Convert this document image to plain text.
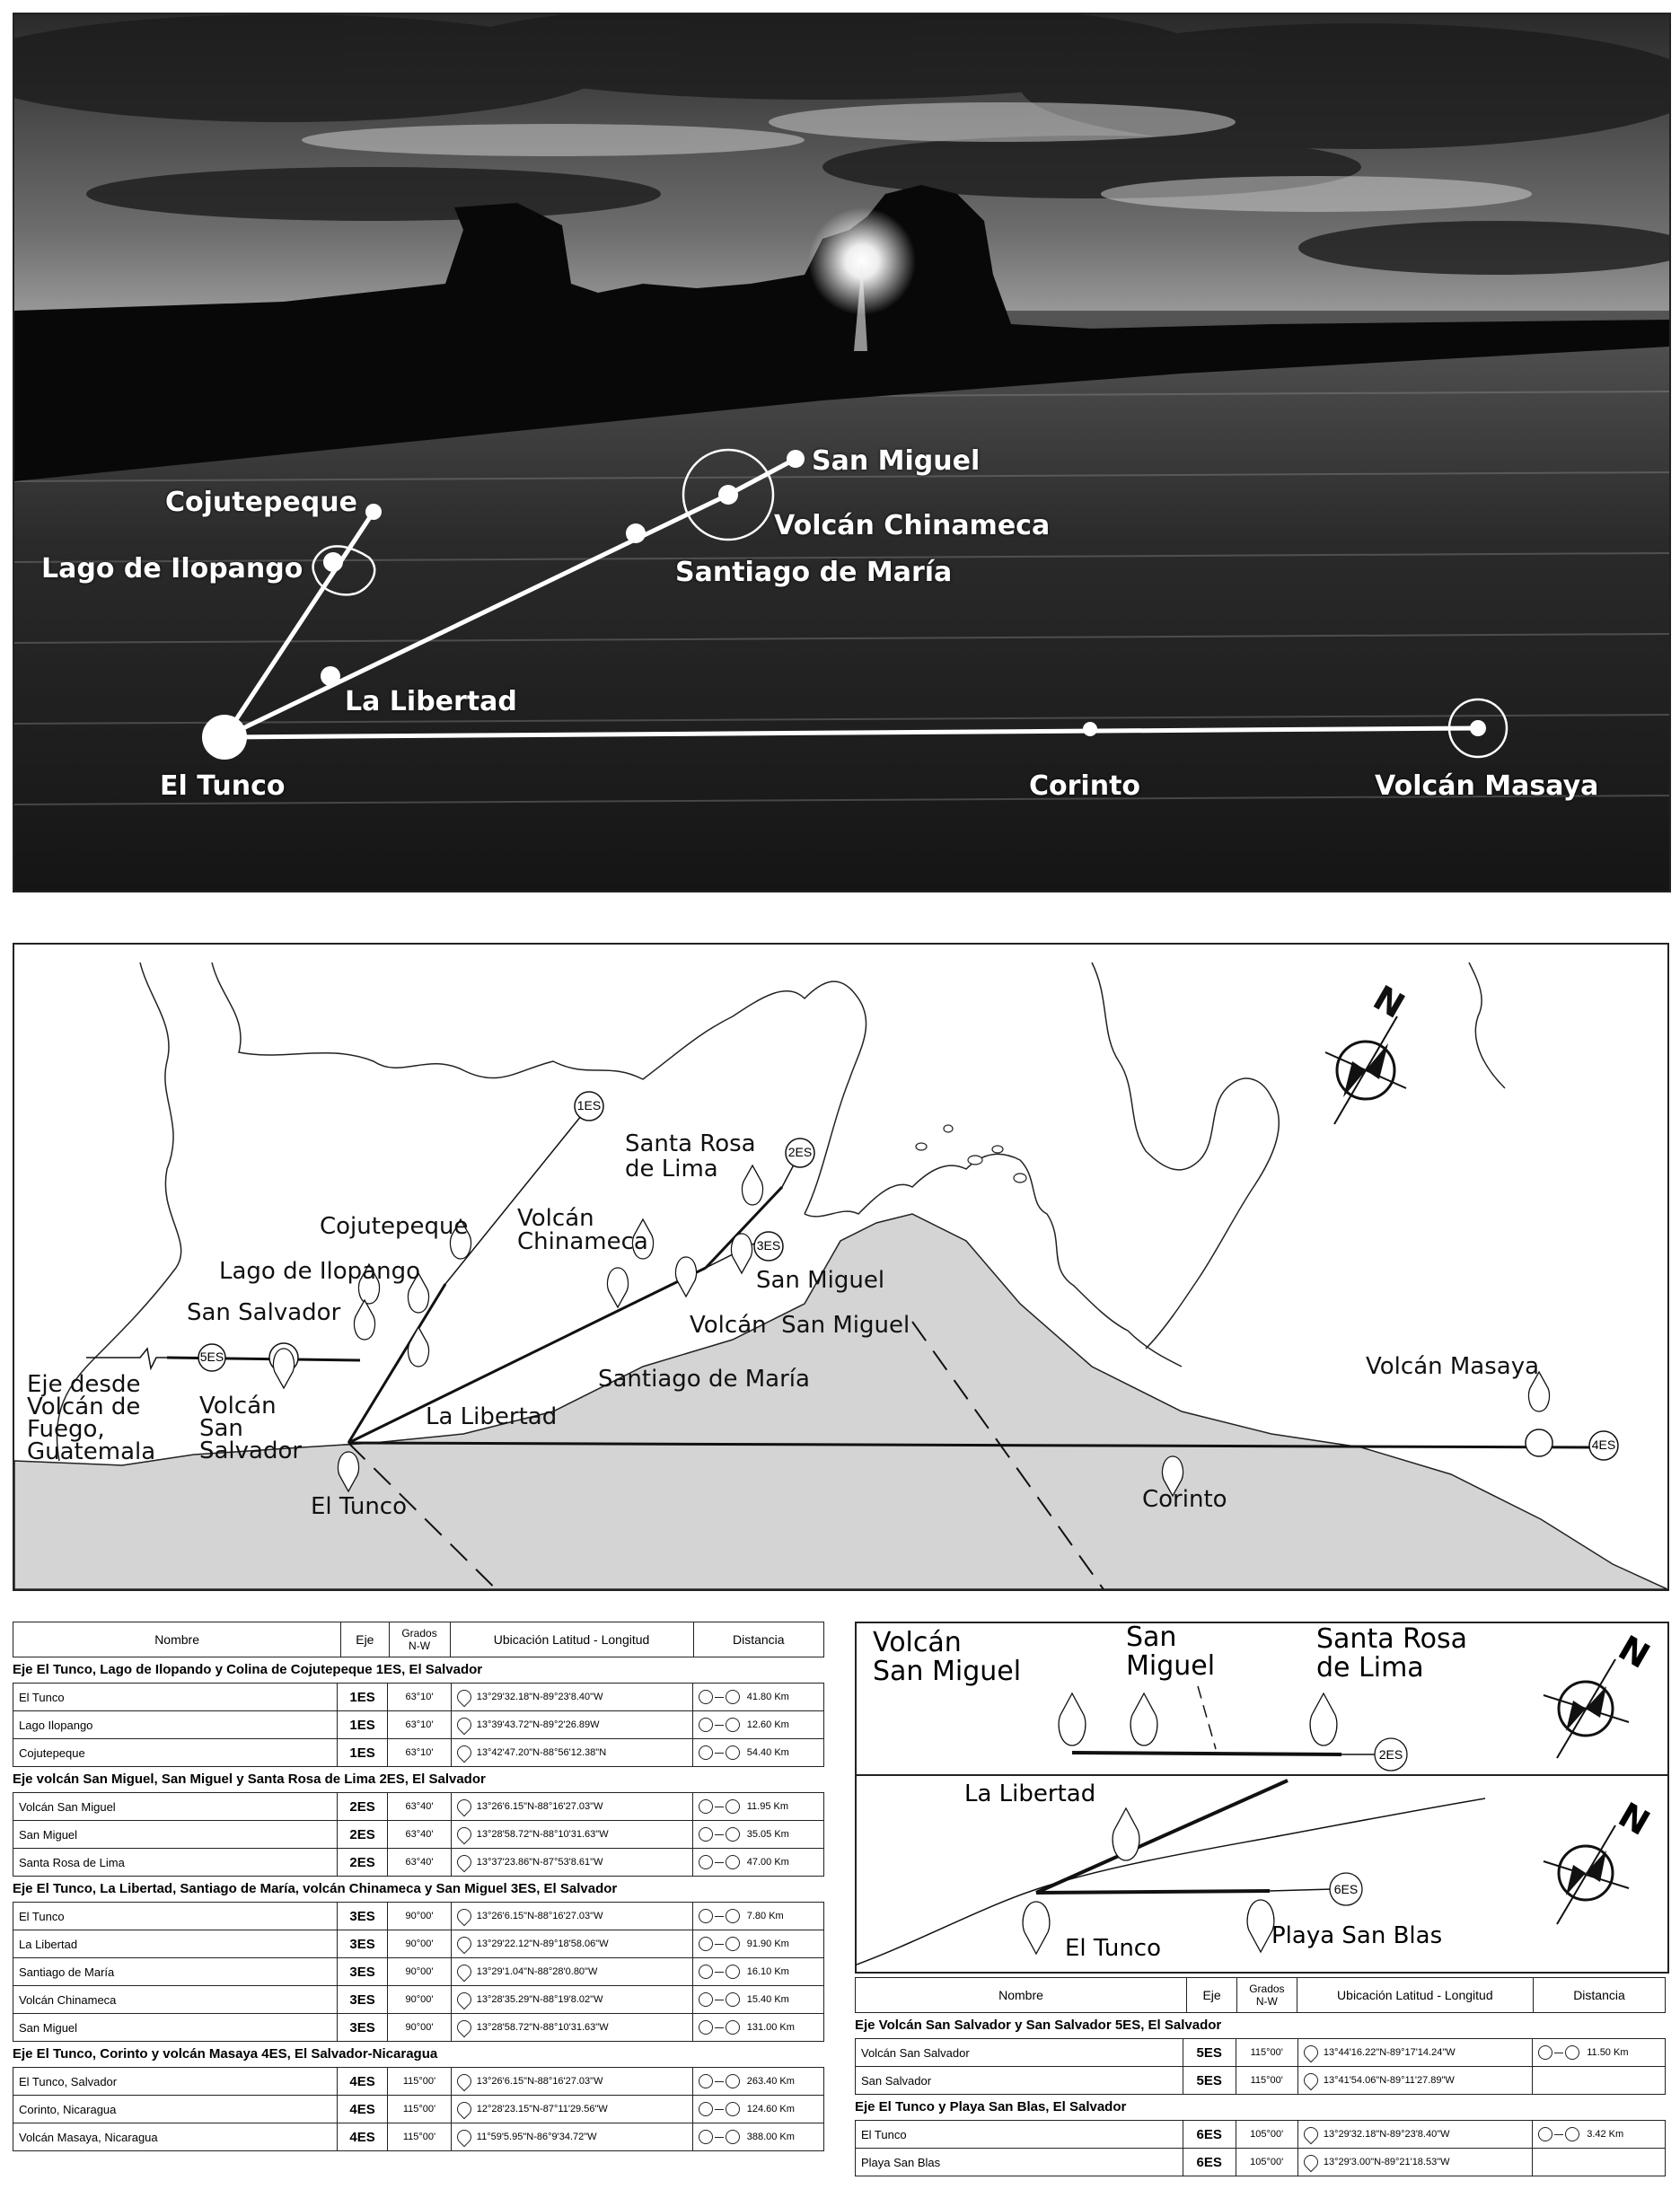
San Miguel
Volcán Chinameca
Santiago de María
Cojutepeque
Lago de Ilopango
La Libertad
El Tunco	Corinto	Volcán Masaya
N
1ES
2ES
3ES
4ES
5ES
Santa Rosa
de Lima
Cojutepeque
Lago de Ilopango
San Salvador
Volcán
Chinameca
San Miguel
Volcán  San Miguel
Santiago de María
La Libertad
Volcán
San
Salvador
Eje desde
Volcán de
Fuego,
Guatemala
El Tunco	Corinto
Volcán Masaya
Nombre	Eje	Grados
N-W	Ubicación Latitud - Longitud	Distancia
Eje El Tunco, Lago de Ilopando y Colina de Cojutepeque 1ES, El Salvador
El Tunco	1ES	63°10'	13°29'32.18"N-89°23'8.40"W	41.80 Km
Lago Ilopango	1ES	63°10'	13°39'43.72"N-89°2'26.89W	12.60 Km
Cojutepeque	1ES	63°10'	13°42'47.20"N-88°56'12.38"N	54.40 Km
Eje volcán San Miguel, San Miguel y Santa Rosa de Lima 2ES, El Salvador
Volcán San Miguel	2ES	63°40'	13°26'6.15"N-88°16'27.03"W	11.95 Km
San Miguel	2ES	63°40'	13°28'58.72"N-88°10'31.63"W	35.05 Km
Santa Rosa de Lima	2ES	63°40'	13°37'23.86"N-87°53'8.61"W	47.00 Km
Eje El Tunco, La Libertad, Santiago de María, volcán Chinameca y San Miguel 3ES, El Salvador
El Tunco	3ES	90°00'	13°26'6.15"N-88°16'27.03"W	7.80 Km
La Libertad	3ES	90°00'	13°29'22.12"N-89°18'58.06"W	91.90 Km
Santiago de María	3ES	90°00'	13°29'1.04"N-88°28'0.80"W	16.10 Km
Volcán Chinameca	3ES	90°00'	13°28'35.29"N-88°19'8.02"W	15.40 Km
San Miguel	3ES	90°00'	13°28'58.72"N-88°10'31.63"W	131.00 Km
Eje El Tunco, Corinto y volcán Masaya 4ES, El Salvador-Nicaragua
El Tunco, Salvador	4ES	115°00'	13°26'6.15"N-88°16'27.03"W	263.40 Km
Corinto, Nicaragua	4ES	115°00'	12°28'23.15"N-87°11'29.56"W	124.60 Km
Volcán Masaya, Nicaragua	4ES	115°00'	11°59'5.95"N-86°9'34.72"W	388.00 Km
Volcán
San Miguel
San
Miguel
Santa Rosa
de Lima
2ES
N
La Libertad
El Tunco	Playa San Blas
6ES
N
Nombre	Eje	Grados
N-W	Ubicación Latitud - Longitud	Distancia
Eje Volcán San Salvador y San Salvador 5ES, El Salvador
Volcán San Salvador	5ES	115°00'	13°44'16.22"N-89°17'14.24"W	11.50 Km
San Salvador	5ES	115°00'	13°41'54.06"N-89°11'27.89"W	
Eje El Tunco y Playa San Blas, El Salvador
El Tunco	6ES	105°00'	13°29'32.18"N-89°23'8.40"W	3.42 Km
Playa San Blas	6ES	105°00'	13°29'3.00"N-89°21'18.53"W	
